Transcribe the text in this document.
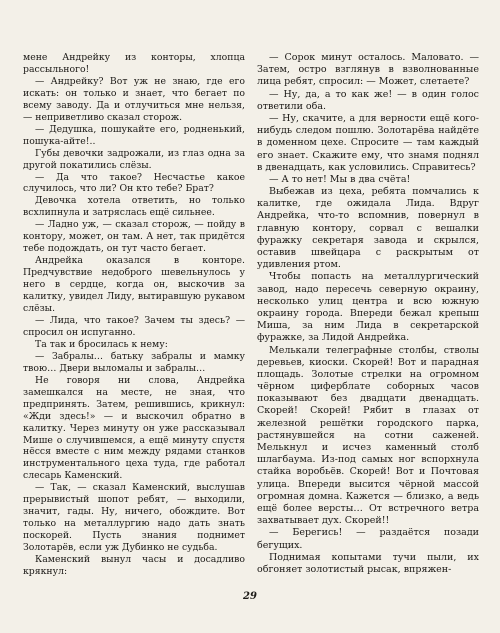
мене Андрейку из конторы, хлопца расcыльного!

— Андрейку? Вот уж не знаю, где его искать: он только и знает, что бегает по всему заводу. Да и отлучиться мне нельзя, — неприветливо сказал сторож.

— Дедушка, пошукайте его, родненький, пошука-айте!..

Губы девочки задрожали, из глаз одна за другой покатились слёзы.

— Да что такое? Несчастье какое случилось, что ли? Он кто тебе? Брат?

Девочка хотела ответить, но только всхлипнула и затряслась ещё сильнее.

— Ладно уж, — сказал сторож, — пойду в контору, может, он там. А нет, так придётся тебе подождать, он тут часто бегает.

Андрейка оказался в конторе. Предчувствие недоброго шевельнулось у него в сердце, когда он, выскочив за калитку, увидел Лиду, вытиравшую рукавом слёзы.

— Лида, что такое? Зачем ты здесь? — спросил он испуганно.

Та так и бросилась к нему:

— Забралы… батьку забралы и мамку твою… Двери выломалы и забралы…

Не говоря ни слова, Андрейка замешкался на месте, не зная, что предпринять. Затем, решившись, крикнул: «Жди здесь!» — и выскочил обратно в калитку. Через минуту он уже рассказывал Мише о случившемся, а ещё минуту спустя нёсся вместе с ним между рядами станков инструментального цеха туда, где работал слесарь Каменский.

— Так, — сказал Каменский, выслушав прерывистый шопот ребят, — выходили, значит, гады. Ну, ничего, обождите. Вот только на металлургию надо дать знать поскорей. Пусть знания поднимет Золотарёв, если уж Дубинко не судьба.

Каменский вынул часы и досадливо крякнул:

— Сорок минут осталось. Маловато. — Затем, остро взглянув в взволнованные лица ребят, спросил: — Может, слетаете?

— Ну, да, а то как же! — в один голос ответили оба.

— Ну, скачите, а для верности ещё кого-нибудь следом пошлю. Золотарёва найдёте в доменном цехе. Спросите — там каждый его знает. Скажите ему, что знамя поднял в двенадцать, как условились. Справитесь?

— А то нет! Мы в два счёта!

Выбежав из цеха, ребята помчались к калитке, где ожидала Лида. Вдруг Андрейка, что-то вспомнив, повернул в главную контору, сорвал с вешалки фуражку секретаря завода и скрылся, оставив швейцара с раскрытым от удивления ртом.

Чтобы попасть на металлургический завод, надо пересечь северную окраину, несколько улиц центра и всю южную окраину города. Впереди бежал крепыш Миша, за ним Лида в секретарской фуражке, за Лидой Андрейка.

Мелькали телеграфные столбы, стволы деревьев, киоски. Скорей! Вот и парадная площадь. Золотые стрелки на огромном чёрном циферблате соборных часов показывают без двадцати двенадцать. Скорей! Скорей! Рябит в глазах от железной решётки городского парка, растянувшейся на сотни саженей. Мелькнул и исчез каменный столб шлагбаума. Из-под самых ног вспорхнула стайка воробьёв. Скорей! Вот и Почтовая улица. Впереди высится чёрной массой огромная домна. Кажется — близко, а ведь ещё более версты… От встречного ветра захватывает дух. Скорей!!

— Берегись! — раздаётся позади бегущих.

Поднимая копытами тучи пыли, их обгоняет золотистый рысак, впряжен-

29
